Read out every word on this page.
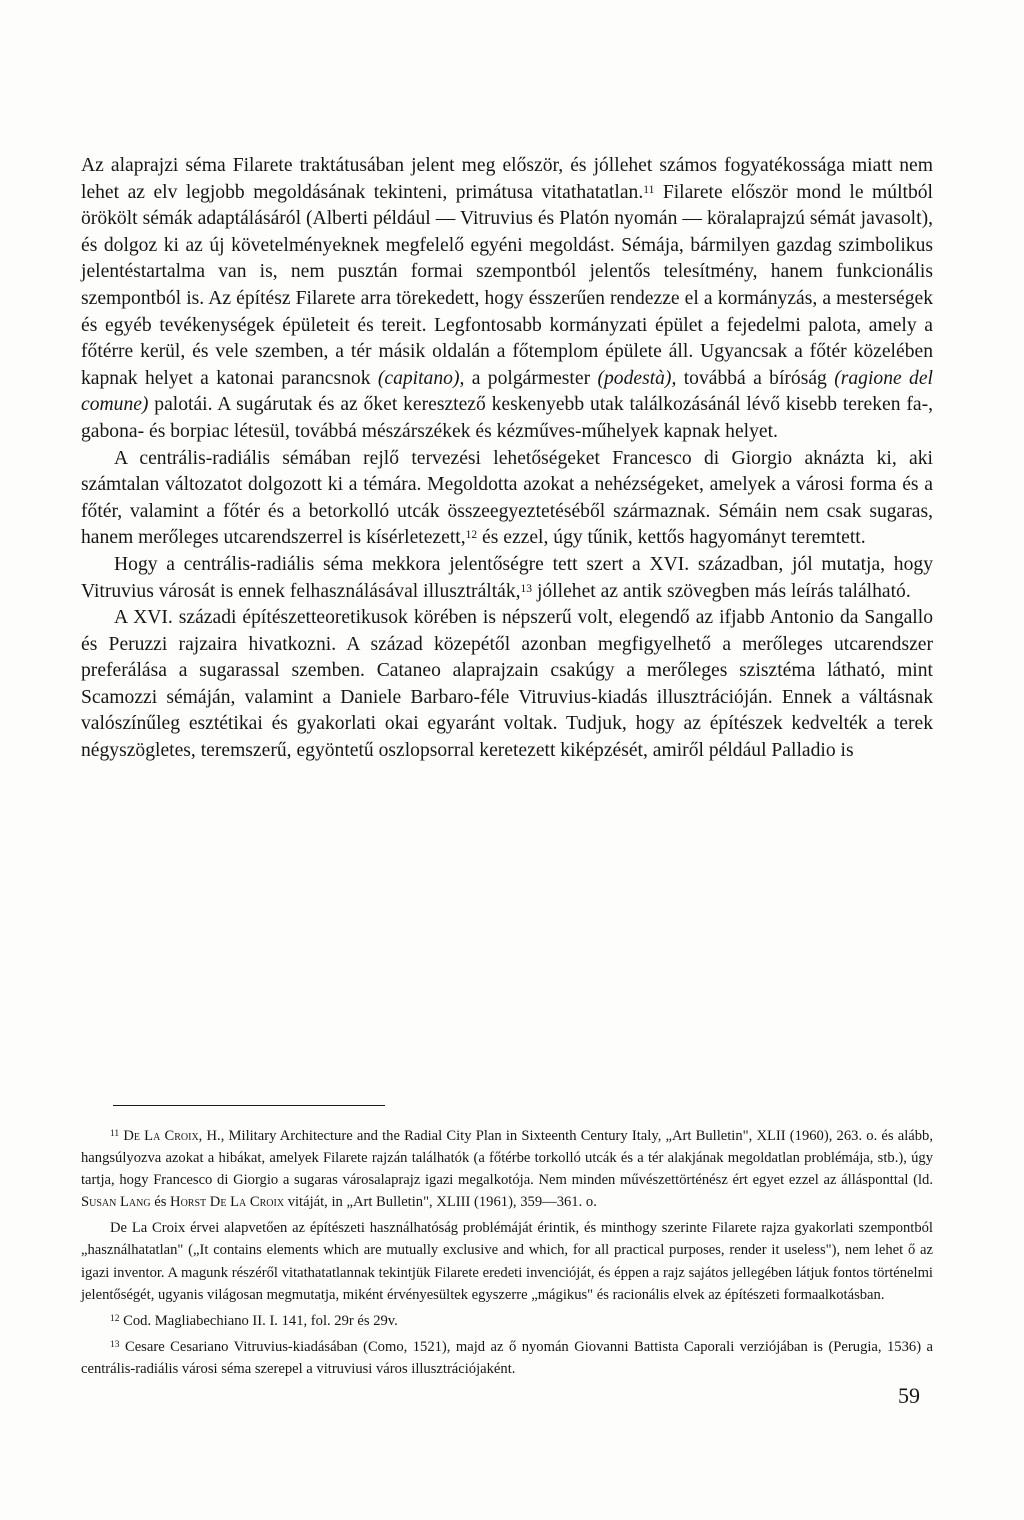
Az alaprajzi séma Filarete traktátusában jelent meg először, és jóllehet számos fogyatékossága miatt nem lehet az elv legjobb megoldásának tekinteni, primátusa vitathatatlan.$^{11}$ Filarete először mond le múltból örökölt sémák adaptálásáról (Alberti például — Vitruvius és Platón nyomán — köralaprajzú sémát javasolt), és dolgoz ki az új követelményeknek megfelelő egyéni megoldást. Sémája, bármilyen gazdag szimbolikus jelentéstartalma van is, nem pusztán formai szempontból jelentős telesítmény, hanem funkcionális szempontból is. Az építész Filarete arra törekedett, hogy ésszerűen rendezze el a kormányzás, a mesterségek és egyéb tevékenységek épületeit és tereit. Legfontosabb kormányzati épület a fejedelmi palota, amely a főtérre kerül, és vele szemben, a tér másik oldalán a főtemplom épülete áll. Ugyancsak a főtér közelében kapnak helyet a katonai parancsnok (capitano), a polgármester (podestà), továbbá a bíróság (ragione del comune) palotái. A sugárutak és az őket keresztező keskenyebb utak találkozásánál lévő kisebb tereken fa-, gabona- és borpiac létesül, továbbá mészárszékek és kézműves-műhelyek kapnak helyet.

A centrális-radiális sémában rejlő tervezési lehetőségeket Francesco di Giorgio aknázta ki, aki számtalan változatot dolgozott ki a témára. Megoldotta azokat a nehézségeket, amelyek a városi forma és a főtér, valamint a főtér és a betorkolló utcák összeegyeztetéséből származnak. Sémáin nem csak sugaras, hanem merőleges utcarendszerrel is kísérletezett,$^{12}$ és ezzel, úgy tűnik, kettős hagyományt teremtett.

Hogy a centrális-radiális séma mekkora jelentőségre tett szert a XVI. században, jól mutatja, hogy Vitruvius városát is ennek felhasználásával illusztrálták,$^{13}$ jóllehet az antik szövegben más leírás található.

A XVI. századi építészetteoretikusok körében is népszerű volt, elegendő az ifjabb Antonio da Sangallo és Peruzzi rajzaira hivatkozni. A század közepétől azonban megfigyelhető a merőleges utcarendszer preferálása a sugarassal szemben. Cataneo alaprajzain csakúgy a merőleges szisztéma látható, mint Scamozzi sémáján, valamint a Daniele Barbaro-féle Vitruvius-kiadás illusztrációján. Ennek a váltásnak valószínűleg esztétikai és gyakorlati okai egyaránt voltak. Tudjuk, hogy az építészek kedvelték a terek négyszögletes, teremszerű, egyöntetű oszlopsorral keretezett kiképzését, amiről például Palladio is

$^{11}$ De La Croix, H., Military Architecture and the Radial City Plan in Sixteenth Century Italy, „Art Bulletin", XLII (1960), 263. o. és alább, hangsúlyozva azokat a hibákat, amelyek Filarete rajzán találhatók (a főtérbe torkolló utcák és a tér alakjának megoldatlan problémája, stb.), úgy tartja, hogy Francesco di Giorgio a sugaras városalaprajz igazi megalkotója. Nem minden művészettörténész ért egyet ezzel az állásponttal (ld. Susan Lang és Horst De La Croix vitáját, in „Art Bulletin", XLIII (1961), 359—361. o.

De La Croix érvei alapvetően az építészeti használhatóság problémáját érintik, és minthogy szerinte Filarete rajza gyakorlati szempontból „használhatatlan" („It contains elements which are mutually exclusive and which, for all practical purposes, render it useless"), nem lehet ő az igazi inventor. A magunk részéről vitathatatlannak tekintjük Filarete eredeti invencióját, és éppen a rajz sajátos jellegében látjuk fontos történelmi jelentőségét, ugyanis világosan megmutatja, miként érvényesültek egyszerre „mágikus" és racionális elvek az építészeti formaalkotásban.

$^{12}$ Cod. Magliabechiano II. I. 141, fol. 29r és 29v.

$^{13}$ Cesare Cesariano Vitruvius-kiadásában (Como, 1521), majd az ő nyomán Giovanni Battista Caporali verziójában is (Perugia, 1536) a centrális-radiális városi séma szerepel a vitruviusi város illusztrációjaként.

59
